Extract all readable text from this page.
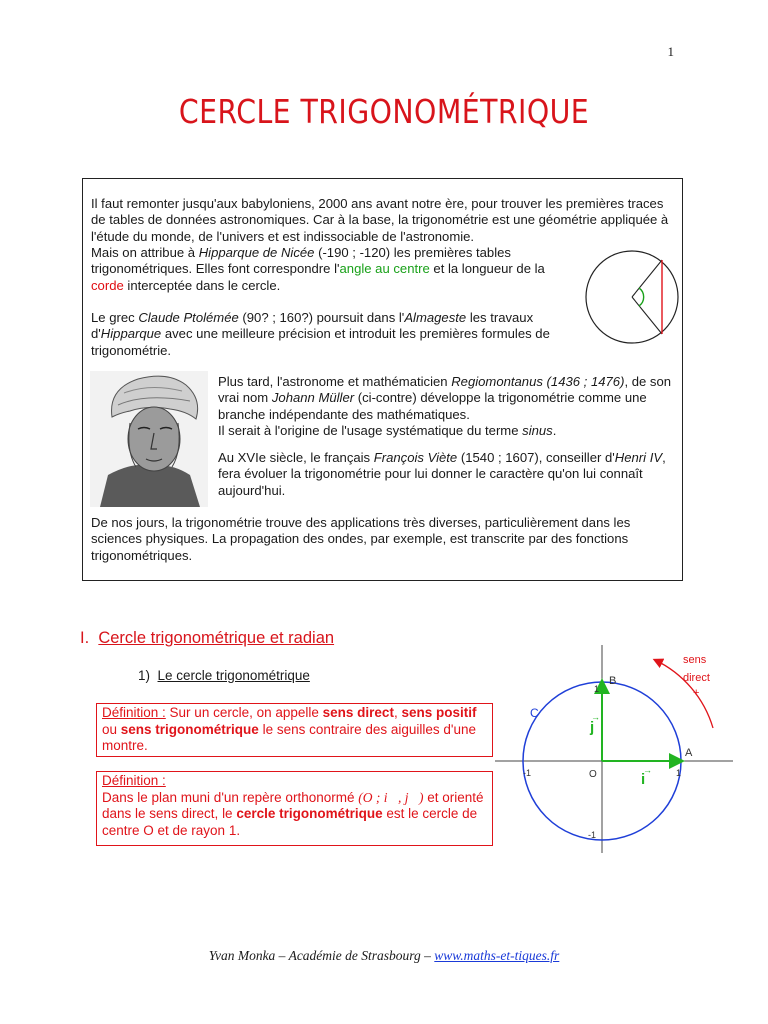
1
CERCLE TRIGONOMÉTRIQUE

Il faut remonter jusqu'aux babyloniens, 2000 ans avant notre ère, pour trouver les premières traces de tables de données astronomiques. Car à la base, la trigonométrie est une géométrie appliquée à l'étude du monde, de l'univers et est indissociable de l'astronomie.

Mais on attribue à Hipparque de Nicée (-190 ; -120) les premières tables trigonométriques. Elles font correspondre l'angle au centre et la longueur de la corde interceptée dans le cercle.

Le grec Claude Ptolémée (90? ; 160?) poursuit dans l'Almageste les travaux d'Hipparque avec une meilleure précision et introduit les premières formules de trigonométrie.

Plus tard, l'astronome et mathématicien Regiomontanus (1436 ; 1476), de son vrai nom Johann Müller (ci-contre) développe la trigonométrie comme une branche indépendante des mathématiques.

Il serait à l'origine de l'usage systématique du terme sinus.

Au XVIe siècle, le français François Viète (1540 ; 1607), conseiller d'Henri IV, fera évoluer la trigonométrie pour lui donner le caractère qu'on lui connaît aujourd'hui.

De nos jours, la trigonométrie trouve des applications très diverses, particulièrement dans les sciences physiques. La propagation des ondes, par exemple, est transcrite par des fonctions trigonométriques.

I. Cercle trigonométrique et radian
1) Le cercle trigonométrique
Définition : Sur un cercle, on appelle sens direct, sens positif ou sens trigonométrique le sens contraire des aiguilles d'une montre.
Définition :
Dans le plan muni d'un repère orthonormé (O ; i⃗, j⃗) et orienté dans le sens direct, le cercle trigonométrique est le cercle de centre O et de rayon 1.
B
A
C
O
1
-1
1
-1	i
→
j
→
sens
direct
+
Yvan Monka – Académie de Strasbourg – www.maths-et-tiques.fr
